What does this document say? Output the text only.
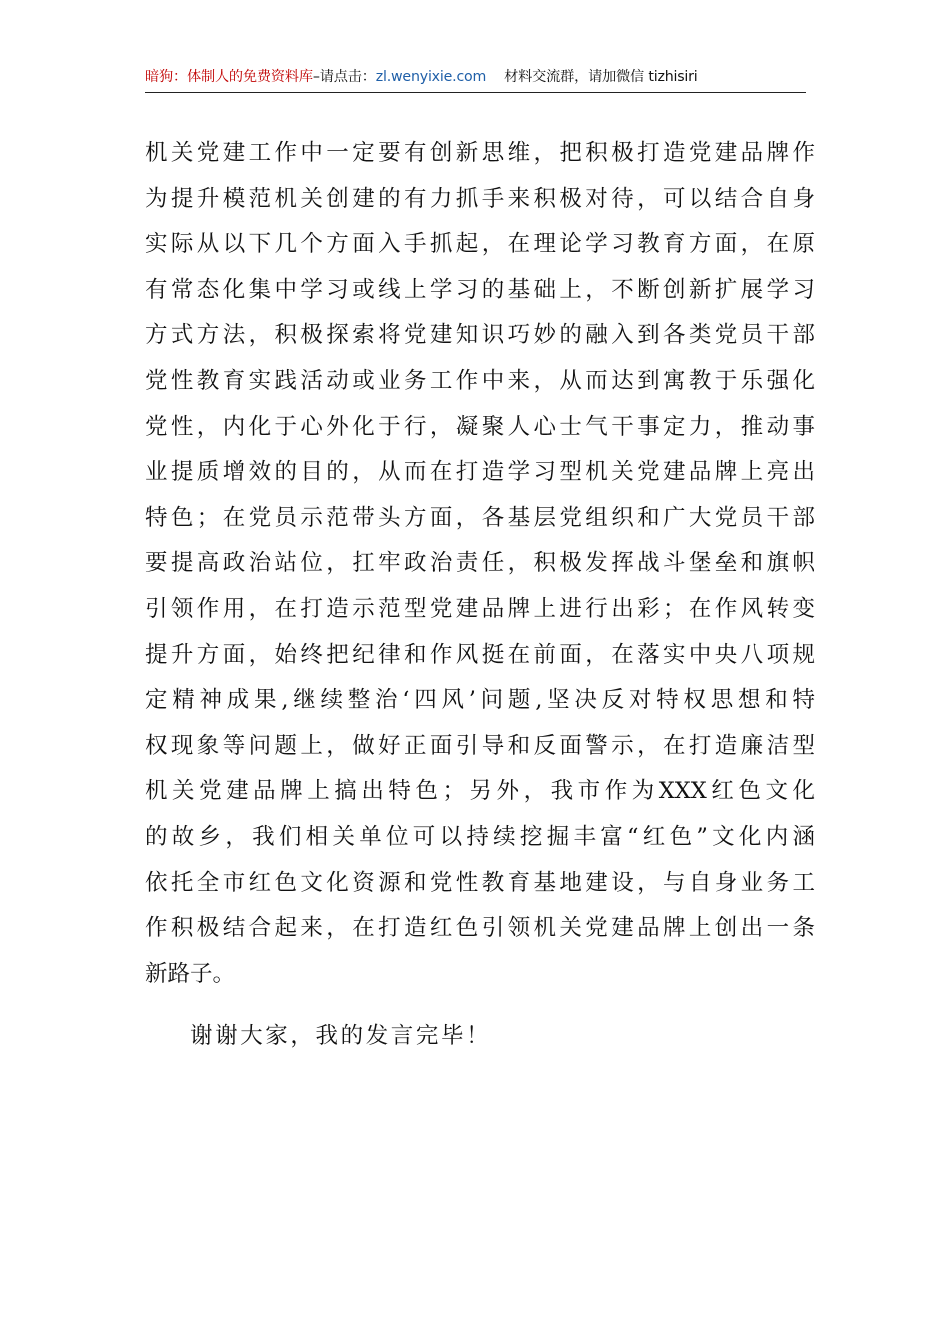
暗狗：体制人的免费资料库–请点击：zl.wenyixie.com 材料交流群，请加微信 tizhisiri
机关党建工作中一定要有创新思维，把积极打造党建品牌作
为提升模范机关创建的有力抓手来积极对待，可以结合自身
实际从以下几个方面入手抓起，在理论学习教育方面，在原
有常态化集中学习或线上学习的基础上，不断创新扩展学习
方式方法，积极探索将党建知识巧妙的融入到各类党员干部
党性教育实践活动或业务工作中来，从而达到寓教于乐强化
党性，内化于心外化于行，凝聚人心士气干事定力，推动事
业提质增效的目的，从而在打造学习型机关党建品牌上亮出
特色；在党员示范带头方面，各基层党组织和广大党员干部
要提高政治站位，扛牢政治责任，积极发挥战斗堡垒和旗帜
引领作用，在打造示范型党建品牌上进行出彩；在作风转变
提升方面，始终把纪律和作风挺在前面，在落实中央八项规
定精神成果,继续整治‘四风’问题,坚决反对特权思想和特
权现象等问题上，做好正面引导和反面警示，在打造廉洁型
机关党建品牌上搞出特色；另外，我市作为XXX红色文化
的故乡，我们相关单位可以持续挖掘丰富“红色”文化内涵
依托全市红色文化资源和党性教育基地建设，与自身业务工
作积极结合起来，在打造红色引领机关党建品牌上创出一条
新路子。
谢谢大家，我的发言完毕！
